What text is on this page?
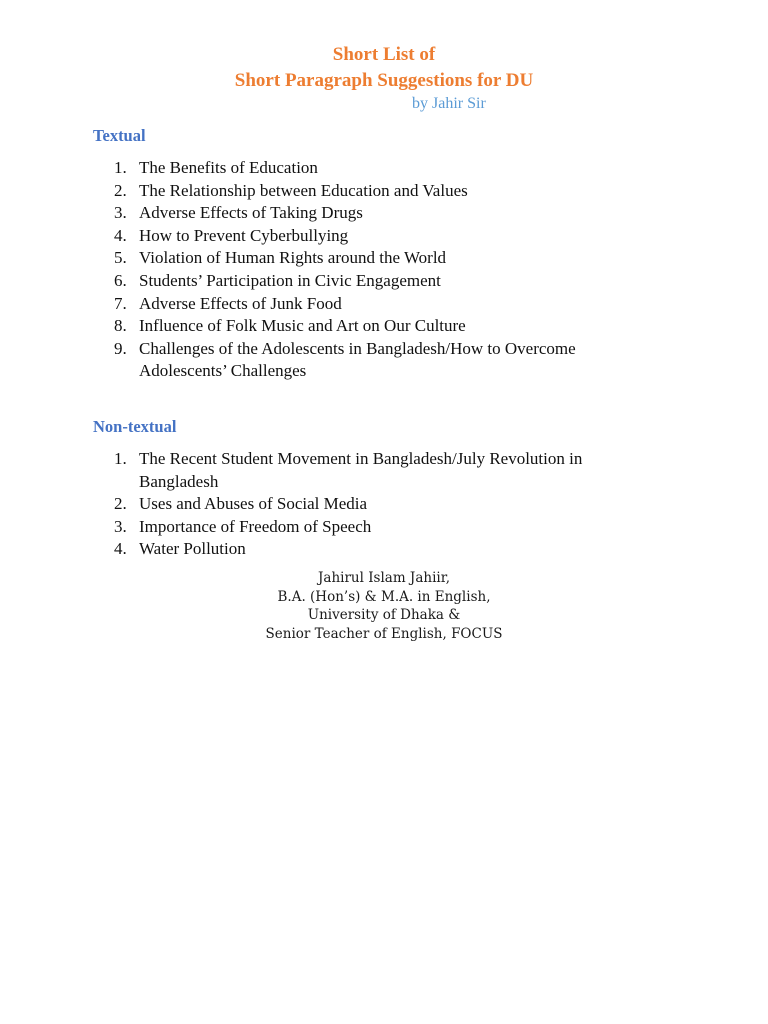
Short List of
Short Paragraph Suggestions for DU
by Jahir Sir
Textual
1. The Benefits of Education
2. The Relationship between Education and Values
3. Adverse Effects of Taking Drugs
4. How to Prevent Cyberbullying
5. Violation of Human Rights around the World
6. Students’ Participation in Civic Engagement
7. Adverse Effects of Junk Food
8. Influence of Folk Music and Art on Our Culture
9. Challenges of the Adolescents in Bangladesh/How to Overcome Adolescents’ Challenges
Non-textual
1. The Recent Student Movement in Bangladesh/July Revolution in Bangladesh
2. Uses and Abuses of Social Media
3. Importance of Freedom of Speech
4. Water Pollution
Jahirul Islam Jahiir,
B.A. (Hon’s) & M.A. in English,
University of Dhaka &
Senior Teacher of English, FOCUS
